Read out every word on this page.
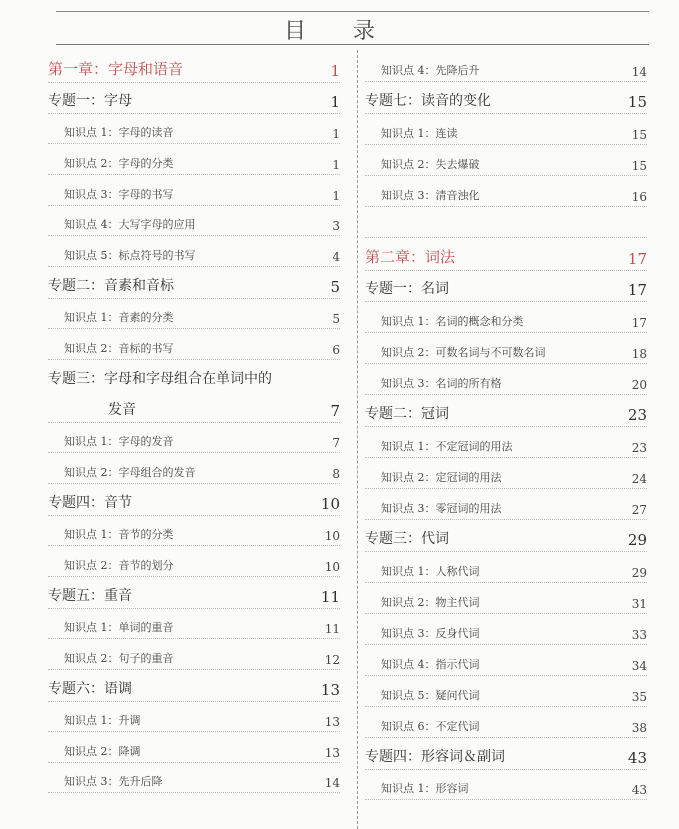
目 录
第一章：字母和语音	1
专题一：字母	1
知识点 1：字母的读音	1
知识点 2：字母的分类	1
知识点 3：字母的书写	1
知识点 4：大写字母的应用	3
知识点 5：标点符号的书写	4
专题二：音素和音标	5
知识点 1：音素的分类	5
知识点 2：音标的书写	6
专题三：字母和字母组合在单词中的
发音	7
知识点 1：字母的发音	7
知识点 2：字母组合的发音	8
专题四：音节	10
知识点 1：音节的分类	10
知识点 2：音节的划分	10
专题五：重音	11
知识点 1：单词的重音	11
知识点 2：句子的重音	12
专题六：语调	13
知识点 1：升调	13
知识点 2：降调	13
知识点 3：先升后降	14
知识点 4：先降后升	14
专题七：读音的变化	15
知识点 1：连读	15
知识点 2：失去爆破	15
知识点 3：清音浊化	16
第二章：词法	17
专题一：名词	17
知识点 1：名词的概念和分类	17
知识点 2：可数名词与不可数名词	18
知识点 3：名词的所有格	20
专题二：冠词	23
知识点 1：不定冠词的用法	23
知识点 2：定冠词的用法	24
知识点 3：零冠词的用法	27
专题三：代词	29
知识点 1：人称代词	29
知识点 2：物主代词	31
知识点 3：反身代词	33
知识点 4：指示代词	34
知识点 5：疑问代词	35
知识点 6：不定代词	38
专题四：形容词＆副词	43
知识点 1：形容词	43
